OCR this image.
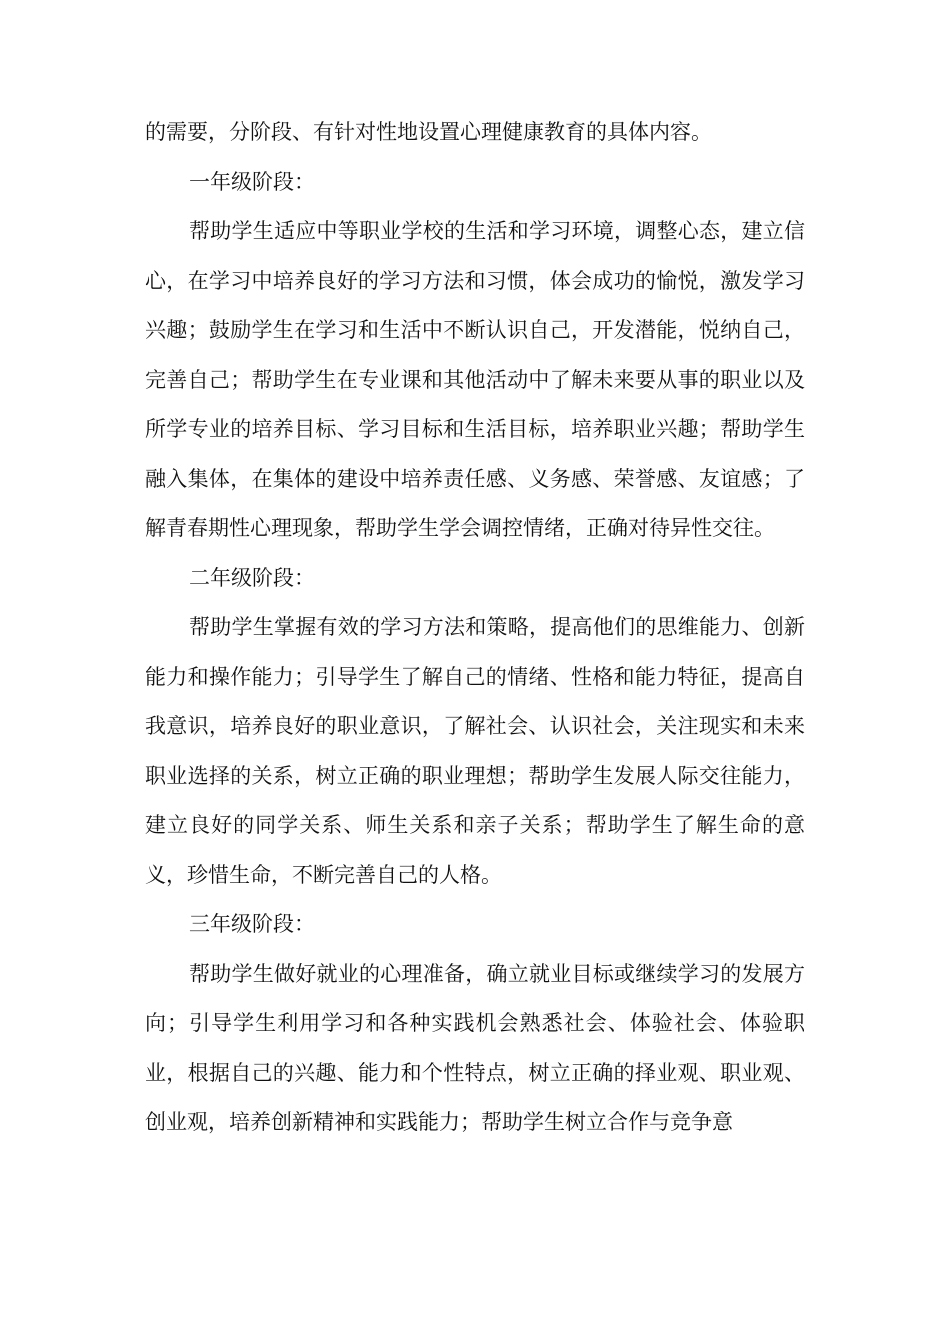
的需要，分阶段、有针对性地设置心理健康教育的具体内容。

一年级阶段：

帮助学生适应中等职业学校的生活和学习环境，调整心态，建立信心，在学习中培养良好的学习方法和习惯，体会成功的愉悦，激发学习兴趣；鼓励学生在学习和生活中不断认识自己，开发潜能，悦纳自己，完善自己；帮助学生在专业课和其他活动中了解未来要从事的职业以及所学专业的培养目标、学习目标和生活目标，培养职业兴趣；帮助学生融入集体，在集体的建设中培养责任感、义务感、荣誉感、友谊感；了解青春期性心理现象，帮助学生学会调控情绪，正确对待异性交往。

二年级阶段：

帮助学生掌握有效的学习方法和策略，提高他们的思维能力、创新能力和操作能力；引导学生了解自己的情绪、性格和能力特征，提高自我意识，培养良好的职业意识，了解社会、认识社会，关注现实和未来职业选择的关系，树立正确的职业理想；帮助学生发展人际交往能力，建立良好的同学关系、师生关系和亲子关系；帮助学生了解生命的意义，珍惜生命，不断完善自己的人格。

三年级阶段：

帮助学生做好就业的心理准备，确立就业目标或继续学习的发展方向；引导学生利用学习和各种实践机会熟悉社会、体验社会、体验职业，根据自己的兴趣、能力和个性特点，树立正确的择业观、职业观、创业观，培养创新精神和实践能力；帮助学生树立合作与竞争意
